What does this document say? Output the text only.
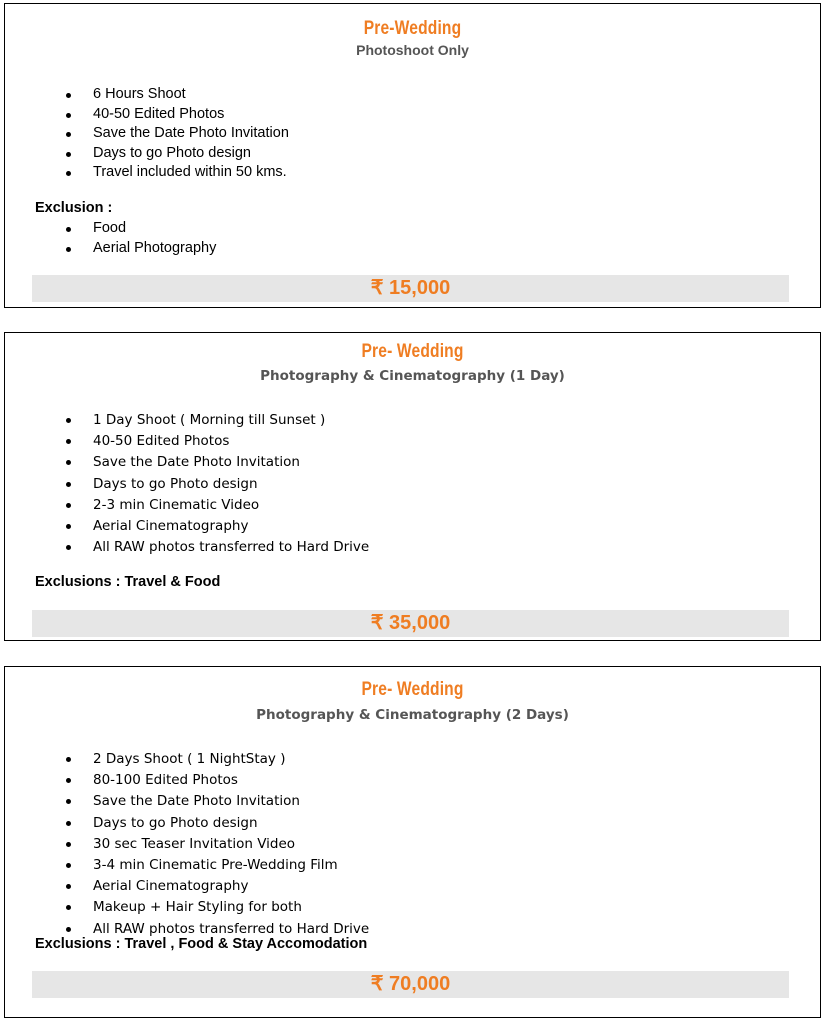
Pre-Wedding
Photoshoot Only
6 Hours Shoot
40-50 Edited Photos
Save the Date Photo Invitation
Days to go Photo design
Travel included within 50 kms.
Exclusion :
Food
Aerial Photography
₹ 15,000
Pre- Wedding
Photography & Cinematography (1 Day)
1 Day Shoot ( Morning till Sunset )
40-50 Edited Photos
Save the Date Photo Invitation
Days to go Photo design
2-3 min Cinematic Video
Aerial Cinematography
All RAW photos transferred to Hard Drive
Exclusions : Travel & Food
₹ 35,000
Pre- Wedding
Photography & Cinematography (2 Days)
2 Days Shoot ( 1 NightStay )
80-100 Edited Photos
Save the Date Photo Invitation
Days to go Photo design
30 sec Teaser Invitation Video
3-4 min Cinematic Pre-Wedding Film
Aerial Cinematography
Makeup + Hair Styling for both
All RAW photos transferred to Hard Drive
Exclusions : Travel , Food & Stay Accomodation
₹ 70,000
